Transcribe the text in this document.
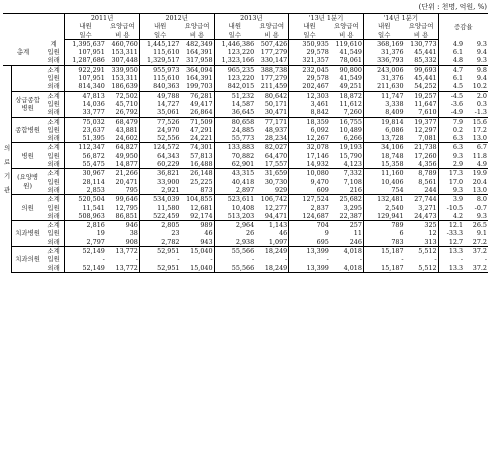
(단위 : 천명, 억원, %)
			2011년		2012년		2013년		'13년 1분기		'14년 1분기		증감율	
			내원	요양급여	내원	요양급여	내원	요양급여	내원	요양급여	내원	요양급여		
			일수	비 용	일수	비 용	일수	비 용	일수	비 용	일수	비 용		
총계		계	1,395,637	460,760	1,445,127	482,349	1,446,386	507,426	350,935	119,610	368,169	130,773	4.9	9.3
		입원	107,951	153,311	115,610	164,391	123,220	177,279	29,578	41,549	31,376	45,441	6.1	9.4
		외래	1,287,686	307,448	1,329,517	317,958	1,323,166	330,147	321,357	78,061	336,793	85,332	4.8	9.3
의료기관		소계	922,291	339,950	955,973	364,094	965,235	388,738	232,045	90,800	243,006	99,693	4.7	9.8
		입원	107,951	153,311	115,610	164,391	123,220	177,279	29,578	41,549	31,376	45,441	6.1	9.4
		외래	814,340	186,639	840,363	199,703	842,015	211,459	202,467	49,251	211,630	54,252	4.5	10.2
	상급종합병원	소계	47,813	72,502	49,788	76,281	51,232	80,642	12,303	18,872	11,747	19,257	-4.5	2.0
		입원	14,036	45,710	14,727	49,417	14,587	50,171	3,461	11,612	3,338	11,647	-3.6	0.3
		외래	33,777	26,792	35,061	26,864	36,645	30,471	8,842	7,260	8,409	7,610	-4.9	-1.3
	종합병원	소계	75,032	68,479	77,526	71,509	80,658	77,171	18,359	16,755	19,814	19,377	7.9	15.6
		입원	23,637	43,881	24,970	47,291	24,885	48,937	6,092	10,489	6,086	12,297	0.2	17.2
		외래	51,395	24,602	52,556	24,221	55,773	28,234	12,267	6,266	13,728	7,081	6.3	13.0
	병원	소계	112,347	64,827	124,572	74,301	133,883	82,027	32,078	19,193	34,106	21,738	6.3	6.7
		입원	56,872	49,950	64,343	57,813	70,882	64,470	17,146	15,790	18,748	17,260	9.3	11.8
		외래	55,475	14,877	60,229	16,488	62,901	17,557	14,932	4,123	15,358	4,356	2.9	4.9
	(요양병원)	소계	30,967	21,266	36,821	26,148	43,315	31,659	10,080	7,332	11,160	8,789	17.3	19.9
		입원	28,114	20,471	33,900	25,225	40,418	30,730	9,470	7,108	10,406	8,561	17.0	20.4
		외래	2,853	795	2,921	873	2,897	929	609	216	754	244	9.3	13.0
	의원	소계	520,504	99,646	534,039	104,855	523,611	106,742	127,524	25,682	132,481	27,744	3.9	8.0
		입원	11,541	12,795	11,580	12,681	10,408	12,277	2,837	3,295	2,540	3,271	-10.5	-0.7
		외래	508,963	86,851	522,459	92,174	513,203	94,471	124,687	22,387	129,941	24,473	4.2	9.3
	치과병원	소계	2,816	946	2,805	989	2,964	1,143	704	257	789	325	12.1	26.5
		입원	19	38	23	46	26	46	9	11	6	12	-33.3	9.1
		외래	2,797	908	2,782	943	2,938	1,097	695	246	783	313	12.7	27.2
	치과의원	소계	52,149	13,772	52,951	15,040	55,566	18,249	13,399	4,018	15,187	5,512	13.3	37.2
		입원	-	-	-	-	-	-	-	-	-	-	-	-
		외래	52,149	13,772	52,951	15,040	55,566	18,249	13,399	4,018	15,187	5,512	13.3	37.2
